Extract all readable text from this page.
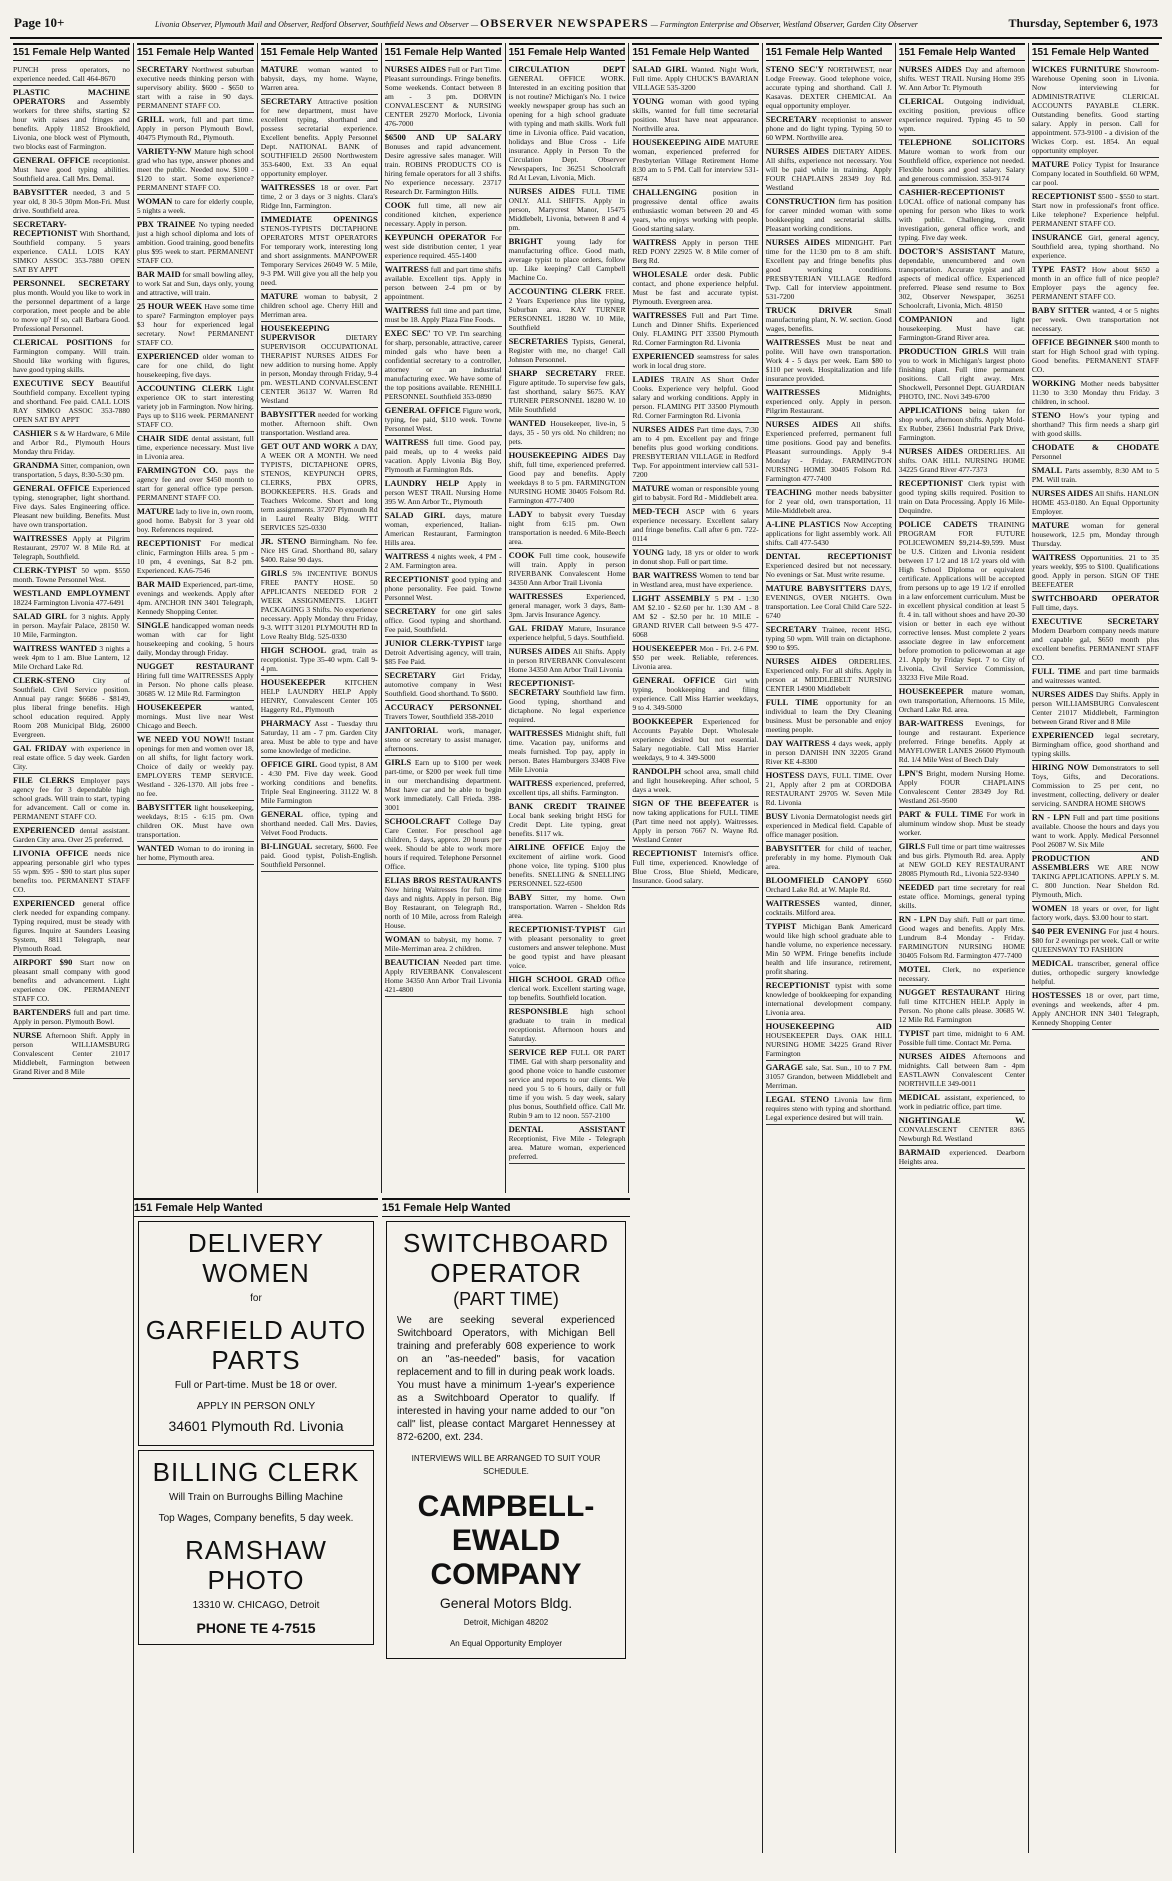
Page 10+	Livonia Observer, Plymouth Mail and Observer, Redford Observer, Southfield News and Observer — OBSERVER NEWSPAPERS — Farmington Enterprise and Observer, Westland Observer, Garden City Observer	Thursday, September 6, 1973
151 Female Help Wanted
PUNCH press operators, no experience needed. Call 464-8670
PLASTIC MACHINE OPERATORS and Assembly workers for three shifts, starting $2 hour with raises and fringes and benefits. Apply 11852 Brookfield, Livonia, one block west of Plymouth, two blocks east of Farmington.
GENERAL OFFICE receptionist. Must have good typing abilities. Southfield area. Call Mrs. Demal.
BABYSITTER needed, 3 and 5 year old, 8 30-5 30pm Mon-Fri. Must drive. Southfield area.
SECRETARY-RECEPTIONIST With Shorthand, Southfield company. 5 years experience. CALL LOIS KAY SIMKO ASSOC 353-7880 OPEN SAT BY APPT
PERSONNEL SECRETARY plus month. Would you like to work in the personnel department of a large corporation, meet people and be able to move up? If so, call Barbara Good. Professional Personnel.
CLERICAL POSITIONS for Farmington company. Will train. Should like working with figures, have good typing skills.
EXECUTIVE SECY Beautiful Southfield company. Excellent typing and shorthand. Fee paid. CALL LOIS RAY SIMKO ASSOC 353-7880 OPEN SAT BY APPT
CASHIER S & W Hardware, 6 Mile and Arbor Rd., Plymouth Hours Monday thru Friday.
GRANDMA Sitter, companion, own transportation, 5 days, 8:30-5:30 pm.
GENERAL OFFICE Experienced typing, stenographer, light shorthand. Five days. Sales Engineering office. Pleasant new building. Benefits. Must have own transportation.
WAITRESSES Apply at Pilgrim Restaurant, 29707 W. 8 Mile Rd. at Telegraph, Southfield.
CLERK-TYPIST 50 wpm. $550 month. Towne Personnel West.
WESTLAND EMPLOYMENT 18224 Farmington Livonia 477-6491
SALAD GIRL for 3 nights. Apply in person. Mayfair Palace, 28150 W. 10 Mile, Farmington.
WAITRESS WANTED 3 nights a week 4pm to 1 am. Blue Lantern, 12 Mile Orchard Lake Rd.
CLERK-STENO City of Southfield. Civil Service position. Annual pay range: $6686 - $8149, plus liberal fringe benefits. High school education required. Apply Room 208 Municipal Bldg, 26000 Evergreen.
GAL FRIDAY with experience in real estate office. 5 day week. Garden City.
FILE CLERKS Employer pays agency fee for 3 dependable high school grads. Will train to start, typing for advancement. Call or come in. PERMANENT STAFF CO.
EXPERIENCED dental assistant. Garden City area. Over 25 preferred.
LIVONIA OFFICE needs nice appearing personable girl who types 55 wpm. $95 - $90 to start plus super benefits too. PERMANENT STAFF CO.
EXPERIENCED general office clerk needed for expanding company. Typing required, must be steady with figures. Inquire at Saunders Leasing System, 8811 Telegraph, near Plymouth Road.
AIRPORT $90 Start now on pleasant small company with good benefits and advancement. Light experience OK. PERMANENT STAFF CO.
BARTENDERS full and part time. Apply in person. Plymouth Bowl.
NURSE Afternoon Shift. Apply in person WILLIAMSBURG Convalescent Center 21017 Middlebelt, Farmington between Grand River and 8 Mile
151 Female Help Wanted
SECRETARY Northwest suburban executive needs thinking person with supervisory ability. $600 - $650 to start with a raise in 90 days. PERMANENT STAFF CO.
GRILL work, full and part time. Apply in person Plymouth Bowl, 40475 Plymouth Rd., Plymouth.
VARIETY-NW Mature high school grad who has type, answer phones and meet the public. Needed now. $100 - $120 to start. Some experience? PERMANENT STAFF CO.
WOMAN to care for elderly couple, 5 nights a week.
PBX TRAINEE No typing needed just a high school diploma and lots of ambition. Good training, good benefits plus $95 week to start. PERMANENT STAFF CO.
BAR MAID for small bowling alley, to work Sat and Sun, days only, young and attractive, will train.
25 HOUR WEEK Have some time to spare? Farmington employer pays $3 hour for experienced legal secretary. Now! PERMANENT STAFF CO.
EXPERIENCED older woman to care for one child, do light housekeeping, five days.
ACCOUNTING CLERK Light experience OK to start interesting variety job in Farmington. Now hiring. Pays up to $116 week. PERMANENT STAFF CO.
CHAIR SIDE dental assistant, full time, experience necessary. Must live in Livonia area.
FARMINGTON CO. pays the agency fee and over $450 month to start for general office type person. PERMANENT STAFF CO.
MATURE lady to live in, own room, good home. Babysit for 3 year old boy. References required.
RECEPTIONIST For medical clinic, Farmington Hills area. 5 pm - 10 pm, 4 evenings, Sat 8-2 pm. Experienced. KA6-7546
BAR MAID Experienced, part-time, evenings and weekends. Apply after 4pm. ANCHOR INN 3401 Telegraph, Kennedy Shopping Center.
SINGLE handicapped woman needs woman with car for light housekeeping and cooking, 5 hours daily, Monday through Friday.
NUGGET RESTAURANT Hiring full time WAITRESSES Apply in Person. No phone calls please. 30685 W. 12 Mile Rd. Farmington
HOUSEKEEPER	wanted, mornings. Must live near West Chicago and Beech.
WE NEED YOU NOW!! Instant openings for men and women over 18, on all shifts, for light factory work. Choice of daily or weekly pay. EMPLOYERS TEMP SERVICE. Westland - 326-1370. All jobs free - no fee.
BABYSITTER light housekeeping, weekdays, 8:15 - 6:15 pm. Own children OK. Must have own transportation.
WANTED Woman to do ironing in her home, Plymouth area.
151 Female Help Wanted
MATURE woman wanted to babysit, days, my home. Wayne, Warren area.
SECRETARY Attractive position for new department, must have excellent typing, shorthand and possess secretarial experience. Excellent benefits. Apply Personnel Dept. NATIONAL BANK of SOUTHFIELD 26500 Northwestern 353-6400, Ext. 33 An equal opportunity employer.
WAITRESSES 18 or over. Part time, 2 or 3 days or 3 nights. Clara's Ridge Inn, Farmington.
IMMEDIATE OPENINGS STENOS-TYPISTS DICTAPHONE OPERATORS MTST OPERATORS For temporary work, interesting long and short assignments. MANPOWER Temporary Services 26049 W. 5 Mile, 9-3 PM. Will give you all the help you need.
MATURE woman to babysit, 2 children school age. Cherry Hill and Merriman area.
HOUSEKEEPING SUPERVISOR	DIETARY SUPERVISOR OCCUPATIONAL THERAPIST NURSES AIDES For new addition to nursing home. Apply in person, Monday through Friday, 9-4 pm. WESTLAND CONVALESCENT CENTER 36137 W. Warren Rd Westland
BABYSITTER needed for working mother. Afternoon shift. Own transportation. Westland area.
GET OUT AND WORK A DAY, A WEEK OR A MONTH. We need TYPISTS, DICTAPHONE OPRS, STENOS, KEYPUNCH OPRS, CLERKS, PBX OPRS, BOOKKEEPERS. H.S. Grads and Teachers Welcome. Short and long term assignments. 37207 Plymouth Rd in Laurel Realty Bldg. WITT SERVICES 525-0330
JR. STENO Birmingham. No fee. Nice HS Grad. Shorthand 80, salary $400. Raise 90 days.
GIRLS 5% INCENTIVE BONUS FREE PANTY HOSE. 50 APPLICANTS NEEDED FOR 2 WEEK ASSIGNMENTS. LIGHT PACKAGING 3 Shifts. No experience necessary. Apply Monday thru Friday, 9-3. WITT 31201 PLYMOUTH RD In Love Realty Bldg. 525-0330
HIGH SCHOOL grad, train as receptionist. Type 35-40 wpm. Call 9-4 pm.
HOUSEKEEPER	KITCHEN HELP LAUNDRY HELP Apply HENRY, Convalescent Center 105 Haggerty Rd., Plymouth
PHARMACY Asst - Tuesday thru Saturday, 11 am - 7 pm. Garden City area. Must be able to type and have some knowledge of medicine.
OFFICE GIRL Good typist, 8 AM - 4:30 PM. Five day week. Good working conditions and benefits. Triple Seal Engineering. 31122 W. 8 Mile Farmington
GENERAL office, typing and shorthand needed. Call Mrs. Davies, Velvet Food Products.
BI-LINGUAL secretary, $600. Fee paid. Good typist, Polish-English. Southfield Personnel.
151 Female Help Wanted
NURSES AIDES Full or Part Time. Pleasant surroundings. Fringe benefits. Some weekends. Contact between 8 am - 3 pm. DORVIN CONVALESCENT & NURSING CENTER 29270 Morlock, Livonia 476-7000
$6500 AND UP SALARY Bonuses and rapid advancement. Desire agressive sales manager. Will train. ROBINS PRODUCTS CO is hiring female operators for all 3 shifts. No experience necessary. 23717 Research Dr. Farmington Hills.
COOK full time, all new air conditioned kitchen, experience necessary. Apply in person.
KEYPUNCH OPERATOR For west side distribution center, 1 year experience required. 455-1400
WAITRESS full and part time shifts available. Excellent tips. Apply in person between 2-4 pm or by appointment.
WAITRESS full time and part time, must be 18. Apply Plaza Fine Foods.
EXEC SEC' TO VP. I'm searching for sharp, personable, attractive, career minded gals who have been a confidential secretary to a controller, attorney or an industrial manufacturing exec. We have some of the top positions available. RENHILL PERSONNEL Southfield 353-0890
GENERAL OFFICE Figure work, typing, fee paid, $110 week. Towne Personnel West.
WAITRESS full time. Good pay, paid meals, up to 4 weeks paid vacation. Apply Livonia Big Boy, Plymouth at Farmington Rds.
LAUNDRY HELP Apply in person WEST TRAIL Nursing Home 395 W. Ann Arbor Tr., Plymouth
SALAD GIRL days, mature woman, experienced, Italian-American Restaurant, Farmington Hills area.
WAITRESS 4 nights week, 4 PM - 2 AM. Farmington area.
RECEPTIONIST good typing and phone personality. Fee paid. Towne Personnel West.
SECRETARY for one girl sales office. Good typing and shorthand. Fee paid, Southfield.
JUNIOR CLERK-TYPIST large Detroit Advertising agency, will train, $85 Fee Paid.
SECRETARY Girl Friday, automotive company in West Southfield. Good shorthand. To $600.
ACCURACY PERSONNEL Travers Tower, Southfield 358-2010
JANITORIAL work, manager, steno or secretary to assist manager, afternoons.
GIRLS Earn up to $100 per week part-time, or $200 per week full time in our merchandising department. Must have car and be able to begin work immediately. Call Frieda. 398-3001
SCHOOLCRAFT College Day Care Center. For preschool age children, 5 days, approx. 20 hours per week. Should be able to work more hours if required. Telephone Personnel Office.
ELIAS BROS RESTAURANTS Now hiring Waitresses for full time days and nights. Apply in person. Big Boy Restaurant, on Telegraph Rd., north of 10 Mile, across from Raleigh House.
WOMAN to babysit, my home. 7 Mile-Merriman area. 2 children.
BEAUTICIAN Needed part time. Apply RIVERBANK Convalescent Home 34350 Ann Arbor Trail Livonia 421-4800
151 Female Help Wanted
CIRCULATION DEPT GENERAL OFFICE WORK. Interested in an exciting position that is not routine? Michigan's No. 1 twice weekly newspaper group has such an opening for a high school graduate with typing and math skills. Work full time in Livonia office. Paid vacation, holidays and Blue Cross - Life insurance. Apply in Person To the Circulation Dept. Observer Newspapers, Inc 36251 Schoolcraft Rd At Levan, Livonia, Mich.
NURSES AIDES FULL TIME ONLY. ALL SHIFTS. Apply in person, Marycrest Manor, 15475 Middlebelt, Livonia, between 8 and 4 pm.
BRIGHT young lady for manufacturing office. Good math, average typist to place orders, follow up. Like keeping? Call Campbell Machine Co.
ACCOUNTING CLERK FREE. 2 Years Experience plus lite typing, Suburban area. KAY TURNER PERSONNEL 18280 W. 10 Mile, Southfield
SECRETARIES Typists, General, Register with me, no charge! Call Johnson Personnel.
SHARP SECRETARY FREE. Figure aptitude. To supervise few gals, fast shorthand, salary $675. KAY TURNER PERSONNEL 18280 W. 10 Mile Southfield
WANTED Housekeeper, live-in, 5 days, 35 - 50 yrs old. No children; no pets.
HOUSEKEEPING AIDES Day shift, full time, experienced preferred. Good pay and benefits. Apply weekdays 8 to 5 pm. FARMINGTON NURSING HOME 30405 Folsom Rd. Farmington 477-7400
LADY to babysit every Tuesday night from 6:15 pm. Own transportation is needed. 6 Mile-Beech area.
COOK Full time cook, housewife will train. Apply in person RIVERBANK Convalescent Home 34350 Ann Arbor Trail Livonia
WAITRESSES	Experienced, general manager, work 3 days, 8am-3pm. Jarvis Insurance Agency.
GAL FRIDAY Mature, Insurance experience helpful, 5 days. Southfield.
NURSES AIDES All Shifts. Apply in person RIVERBANK Convalescent Home 34350 Ann Arbor Trail Livonia
RECEPTIONIST-SECRETARY Southfield law firm. Good typing, shorthand and dictaphone. No legal experience required.
WAITRESSES Midnight shift, full time. Vacation pay, uniforms and meals furnished. Top pay, apply in person. Bates Hamburgers 33408 Five Mile Livonia
WAITRESS experienced, preferred, excellent tips, all shifts. Farmington.
BANK CREDIT TRAINEE Local bank seeking bright HSG for Credit Dept. Lite typing, great benefits. $117 wk.
AIRLINE OFFICE Enjoy the excitement of airline work. Good phone voice, lite typing. $100 plus benefits. SNELLING & SNELLING PERSONNEL 522-6500
BABY Sitter, my home. Own transportation. Warren - Sheldon Rds area.
RECEPTIONIST-TYPIST Girl with pleasant personality to greet customers and answer telephone. Must be good typist and have pleasant voice.
HIGH SCHOOL GRAD Office clerical work. Excellent starting wage, top benefits. Southfield location.
RESPONSIBLE high school graduate to train in medical receptionist. Afternoon hours and Saturday.
SERVICE REP FULL OR PART TIME. Gal with sharp personality and good phone voice to handle customer service and reports to our clients. We need you 5 to 6 hours, daily or full time if you wish. 5 day week, salary plus bonus, Southfield office. Call Mr. Rubin 9 am to 12 noon. 557-2100
DENTAL ASSISTANT Receptionist, Five Mile - Telegraph area. Mature woman, experienced preferred.
151 Female Help Wanted
SALAD GIRL Wanted. Night Work, Full time. Apply CHUCK'S BAVARIAN VILLAGE 535-3200
YOUNG woman with good typing skills, wanted for full time secretarial position. Must have neat appearance. Northville area.
HOUSEKEEPING AIDE MATURE woman, experienced preferred for Presbyterian Village Retirement Home 8:30 am to 5 PM. Call for interview 531-6874
CHALLENGING position in progressive dental office awaits enthusiastic woman between 20 and 45 years, who enjoys working with people. Good starting salary.
WAITRESS Apply in person THE RED PONY 22925 W. 8 Mile corner of Berg Rd.
WHOLESALE order desk. Public contact, and phone experience helpful. Must be fast and accurate typist. Plymouth. Evergreen area.
WAITRESSES Full and Part Time. Lunch and Dinner Shifts. Experienced Only. FLAMING PIT 33500 Plymouth Rd. Corner Farmington Rd. Livonia
EXPERIENCED seamstress for sales work in local drug store.
LADIES TRAIN AS Short Order Cooks. Experience very helpful. Good salary and working conditions. Apply in person. FLAMING PIT 33500 Plymouth Rd. Corner Farmington Rd. Livonia
NURSES AIDES Part time days, 7:30 am to 4 pm. Excellent pay and fringe benefits plus good working conditions. PRESBYTERIAN VILLAGE in Redford Twp. For appointment interview call 531-7200
MATURE woman or responsible young girl to babysit. Ford Rd - Middlebelt area.
MED-TECH ASCP with 6 years experience necessary. Excellent salary and fringe benefits. Call after 6 pm. 722-0114
YOUNG lady, 18 yrs or older to work in donut shop. Full or part time.
BAR WAITRESS Women to tend bar in Westland area, must have experience.
LIGHT ASSEMBLY 5 PM - 1:30 AM $2.10 - $2.60 per hr. 1:30 AM - 8 AM $2 - $2.50 per hr. 10 MILE - GRAND RIVER Call between 9-5 477-6068
HOUSEKEEPER Mon - Fri. 2-6 PM. $50 per week. Reliable, references. Livonia area.
GENERAL OFFICE Girl with typing, bookkeeping and filing experience. Call Miss Harrier weekdays, 9 to 4. 349-5000
BOOKKEEPER Experienced for Accounts Payable Dept. Wholesale experience desired but not essential. Salary negotiable. Call Miss Harrier weekdays, 9 to 4. 349-5000
RANDOLPH school area, small child and light housekeeping. After school, 5 days a week.
SIGN OF THE BEEFEATER is now taking applications for FULL TIME (Part time need not apply). Waitresses. Apply in person 7667 N. Wayne Rd. Westland Center
RECEPTIONIST Internist's office. Full time, experienced. Knowledge of Blue Cross, Blue Shield, Medicare, Insurance. Good salary.
151 Female Help Wanted
STENO SEC'Y NORTHWEST, near Lodge Freeway. Good telephone voice, accurate typing and shorthand. Call J. Kasavas. DEXTER CHEMICAL An equal opportunity employer.
SECRETARY receptionist to answer phone and do light typing. Typing 50 to 60 WPM. Northville area.
NURSES AIDES DIETARY AIDES. All shifts, experience not necessary. You will be paid while in training. Apply FOUR CHAPLAINS 28349 Joy Rd. Westland
CONSTRUCTION firm has position for career minded woman with some bookkeeping and secretarial skills. Pleasant working conditions.
NURSES AIDES MIDNIGHT. Part time for the 11:30 pm to 8 am shift. Excellent pay and fringe benefits plus good working conditions. PRESBYTERIAN VILLAGE Redford Twp. Call for interview appointment. 531-7200
TRUCK DRIVER	Small manufacturing plant, N. W. section. Good wages, benefits.
WAITRESSES Must be neat and polite. Will have own transportation. Work 4 - 5 days per week. Earn $80 to $110 per week. Hospitalization and life insurance provided.
WAITRESSES	Midnights, experienced only. Apply in person. Pilgrim Restaurant.
NURSES AIDES All shifts. Experienced preferred, permanent full time positions. Good pay and benefits. Pleasant surroundings. Apply 9-4 Monday - Friday. FARMINGTON NURSING HOME 30405 Folsom Rd. Farmington 477-7400
TEACHING mother needs babysitter for 2 year old, own transportation, 11 Mile-Middlebelt area.
A-LINE PLASTICS Now Accepting applications for light assembly work. All shifts. Call 477-5430
DENTAL RECEPTIONIST Experienced desired but not necessary. No evenings or Sat. Must write resume.
MATURE BABYSITTERS DAYS, EVENINGS, OVER NIGHTS. Own transportation. Lee Coral Child Care 522-6740
SECRETARY Trainee, recent HSG, typing 50 wpm. Will train on dictaphone. $90 to $95.
NURSES AIDES ORDERLIES. Experienced only. For all shifts. Apply in person at MIDDLEBELT NURSING CENTER 14900 Middlebelt
FULL TIME opportunity for an individual to learn the Dry Cleaning business. Must be personable and enjoy meeting people.
DAY WAITRESS 4 days week, apply in person DANISH INN 32205 Grand River KE 4-8300
HOSTESS DAYS, FULL TIME. Over 21, Apply after 2 pm at CORDOBA RESTAURANT 29705 W. Seven Mile Rd. Livonia
BUSY Livonia Dermatologist needs girl experienced in Medical field. Capable of office manager position.
BABYSITTER for child of teacher, preferably in my home. Plymouth Oak area.
BLOOMFIELD CANOPY 6560 Orchard Lake Rd. at W. Maple Rd.
WAITRESSES wanted, dinner, cocktails. Milford area.
TYPIST Michigan Bank Americard would like high school graduate able to handle volume, no experience necessary. Min 50 WPM. Fringe benefits include health and life insurance, retirement, profit sharing.
RECEPTIONIST typist with some knowledge of bookkeeping for expanding international development company. Livonia area.
HOUSEKEEPING AID HOUSEKEEPER Days. OAK HILL NURSING HOME 34225 Grand River Farmington
GARAGE sale, Sat. Sun., 10 to 7 PM. 31057 Grandon, between Middlebelt and Merriman.
LEGAL STENO Livonia law firm requires steno with typing and shorthand. Legal experience desired but will train.
151 Female Help Wanted
NURSES AIDES Day and afternoon shifts. WEST TRAIL Nursing Home 395 W. Ann Arbor Tr. Plymouth
CLERICAL Outgoing individual, exciting position, previous office experience required. Typing 45 to 50 wpm.
TELEPHONE SOLICITORS Mature woman to work from our Southfield office, experience not needed. Flexible hours and good salary. Salary and generous commission. 353-9174
CASHIER-RECEPTIONIST LOCAL office of national company has opening for person who likes to work with public. Challenging, credit investigation, general office work, and typing. Five day week.
DOCTOR'S ASSISTANT Mature, dependable, unencumbered and own transportation. Accurate typist and all aspects of medical office. Experienced preferred. Please send resume to Box 302, Observer Newspaper, 36251 Schoolcraft, Livonia, Mich. 48150
COMPANION	and light housekeeping. Must have car. Farmington-Grand River area.
PRODUCTION GIRLS Will train you to work in Michigan's largest photo finishing plant. Full time permanent positions. Call right away. Mrs. Shockwell, Personnel Dept. GUARDIAN PHOTO, INC. Novi 349-6700
APPLICATIONS being taken for shop work, afternoon shifts. Apply Mold-Ex Rubber, 23661 Industrial Park Drive, Farmington.
NURSES AIDES ORDERLIES. All shifts. OAK HILL NURSING HOME 34225 Grand River 477-7373
RECEPTIONIST Clerk typist with good typing skills required. Position to train on Data Processing. Apply 16 Mile-Dequindre.
POLICE CADETS TRAINING PROGRAM FOR FUTURE POLICEWOMEN $9,214-$9,599. Must be U.S. Citizen and Livonia resident between 17 1/2 and 18 1/2 years old with High School Diploma or equivalent certificate. Applications will be accepted from persons up to age 19 1/2 if enrolled in a law enforcement curriculum. Must be in excellent physical condition at least 5 ft. 4 in. tall without shoes and have 20-30 vision or better in each eye without corrective lenses. Must complete 2 years associate degree in law enforcement before promotion to policewoman at age 21. Apply by Friday Sept. 7 to City of Livonia, Civil Service Commission, 33233 Five Mile Road.
HOUSEKEEPER mature woman, own transportation, Afternoons. 15 Mile, Orchard Lake Rd. area.
BAR-WAITRESS Evenings, for lounge and restaurant. Experience preferred. Fringe benefits. Apply at MAYFLOWER LANES 26600 Plymouth Rd. 1/4 Mile West of Beech Daly
LPN'S Bright, modern Nursing Home. Apply FOUR CHAPLAINS Convalescent Center 28349 Joy Rd. Westland 261-9500
PART & FULL TIME For work in aluminum window shop. Must be steady worker.
GIRLS Full time or part time waitresses and bus girls. Plymouth Rd. area. Apply at NEW GOLD KEY RESTAURANT 28085 Plymouth Rd., Livonia 522-9340
NEEDED part time secretary for real estate office. Mornings, general typing skills.
RN - LPN Day shift. Full or part time. Good wages and benefits. Apply Mrs. Lundrum 8-4 Monday - Friday. FARMINGTON NURSING HOME 30405 Folsom Rd. Farmington 477-7400
MOTEL Clerk, no experience necessary.
NUGGET RESTAURANT Hiring full time KITCHEN HELP. Apply in Person. No phone calls please. 30685 W. 12 Mile Rd. Farmington
TYPIST part time, midnight to 6 AM. Possible full time. Contact Mr. Perna.
NURSES AIDES Afternoons and midnights. Call between 8am - 4pm EASTLAWN Convalescent Center NORTHVILLE 349-0011
MEDICAL assistant, experienced, to work in pediatric office, part time.
NIGHTINGALE W. CONVALESCENT CENTER 8365 Newburgh Rd. Westland
BARMAID experienced. Dearborn Heights area.
151 Female Help Wanted
WICKES FURNITURE Showroom-Warehouse Opening soon in Livonia. Now interviewing for ADMINISTRATIVE CLERICAL ACCOUNTS PAYABLE CLERK. Outstanding benefits. Good starting salary. Apply in person. Call for appointment. 573-9100 - a division of the Wickes Corp. est. 1854. An equal opportunity employer.
MATURE Policy Typist for Insurance Company located in Southfield. 60 WPM, car pool.
RECEPTIONIST $500 - $550 to start. Start now in professional's front office. Like telephone? Experience helpful. PERMANENT STAFF CO.
INSURANCE Girl, general agency, Southfield area, typing shorthand. No experience.
TYPE FAST? How about $650 a month in an office full of nice people? Employer pays the agency fee. PERMANENT STAFF CO.
BABY SITTER wanted, 4 or 5 nights per week. Own transportation not necessary.
OFFICE BEGINNER $400 month to start for High School grad with typing. Good benefits. PERMANENT STAFF CO.
WORKING Mother needs babysitter 11:30 to 3:30 Monday thru Friday. 3 children, in school.
STENO How's your typing and shorthand? This firm needs a sharp girl with good skills.
CHODATE & CHODATE Personnel
SMALL Parts assembly, 8:30 AM to 5 PM. Will train.
NURSES AIDES All Shifts. HANLON HOME 453-0180. An Equal Opportunity Employer.
MATURE woman for general housework, 12.5 pm, Monday through Thursday.
WAITRESS Opportunities. 21 to 35 years weekly, $95 to $100. Qualifications good. Apply in person. SIGN OF THE BEEFEATER
SWITCHBOARD OPERATOR Full time, days.
EXECUTIVE SECRETARY Modern Dearborn company needs mature and capable gal, $650 month plus excellent benefits. PERMANENT STAFF CO.
FULL TIME and part time barmaids and waitresses wanted.
NURSES AIDES Day Shifts. Apply in person WILLIAMSBURG Convalescent Center 21017 Middlebelt, Farmington between Grand River and 8 Mile
EXPERIENCED legal secretary, Birmingham office, good shorthand and typing skills.
HIRING NOW Demonstrators to sell Toys, Gifts, and Decorations. Commission to 25 per cent, no investment, collecting, delivery or dealer servicing. SANDRA HOME SHOWS
RN - LPN Full and part time positions available. Choose the hours and days you want to work. Apply. Medical Personnel Pool 26087 W. Six Mile
PRODUCTION AND ASSEMBLERS WE ARE NOW TAKING APPLICATIONS. APPLY S. M. C. 800 Junction. Near Sheldon Rd. Plymouth, Mich.
WOMEN 18 years or over, for light factory work, days. $3.00 hour to start.
$40 PER EVENING For just 4 hours. $80 for 2 evenings per week. Call or write QUEENSWAY TO FASHION
MEDICAL transcriber, general office duties, orthopedic surgery knowledge helpful.
HOSTESSES 18 or over, part time, evenings and weekends, after 4 pm. Apply ANCHOR INN 3401 Telegraph, Kennedy Shopping Center
151 Female Help Wanted
DELIVERY WOMEN
for
GARFIELD AUTO PARTS
Full or Part-time. Must be 18 or over.
APPLY IN PERSON ONLY
34601 Plymouth Rd. Livonia
BILLING CLERK
Will Train on Burroughs Billing Machine
Top Wages, Company benefits, 5 day week.
RAMSHAW PHOTO
13310 W. CHICAGO, Detroit
PHONE TE 4-7515
151 Female Help Wanted
SWITCHBOARD OPERATOR
(PART TIME)
We are seeking several experienced Switchboard Operators, with Michigan Bell training and preferably 608 experience to work on an "as-needed" basis, for vacation replacement and to fill in during peak work loads. You must have a minimum 1-year's experience as a Switchboard Operator to qualify. If interested in having your name added to our "on call" list, please contact Margaret Hennessey at 872-6200, ext. 234.
INTERVIEWS WILL BE ARRANGED TO SUIT YOUR SCHEDULE.
CAMPBELL-EWALD COMPANY
General Motors Bldg.
Detroit, Michigan 48202
An Equal Opportunity Employer
